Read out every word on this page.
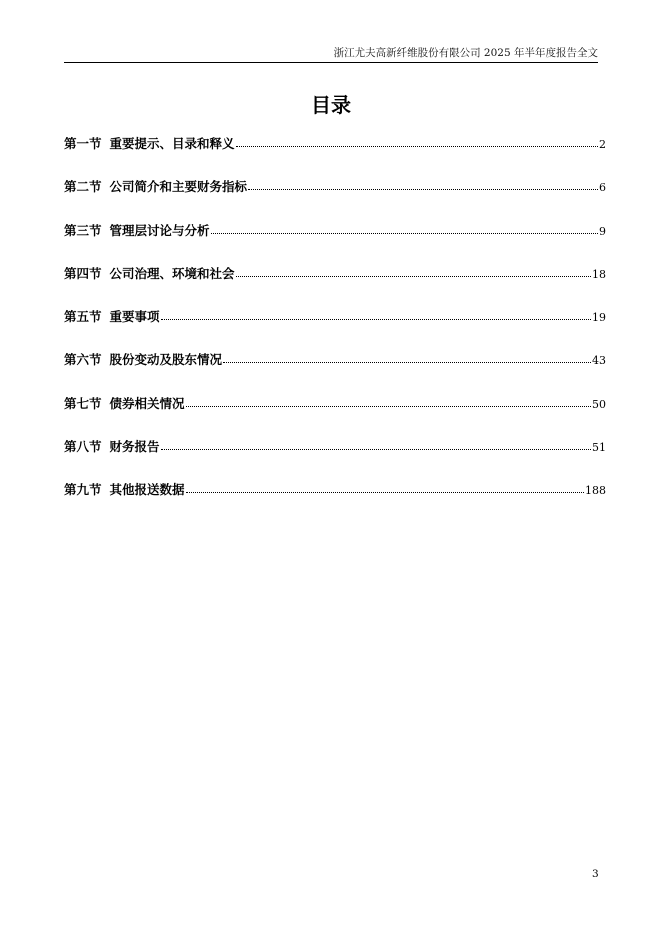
浙江尤夫高新纤维股份有限公司 2025 年半年度报告全文
目录
第一节 重要提示、目录和释义	2
第二节 公司简介和主要财务指标	6
第三节 管理层讨论与分析	9
第四节 公司治理、环境和社会	18
第五节 重要事项	19
第六节 股份变动及股东情况	43
第七节 债券相关情况	50
第八节 财务报告	51
第九节 其他报送数据	188
3
